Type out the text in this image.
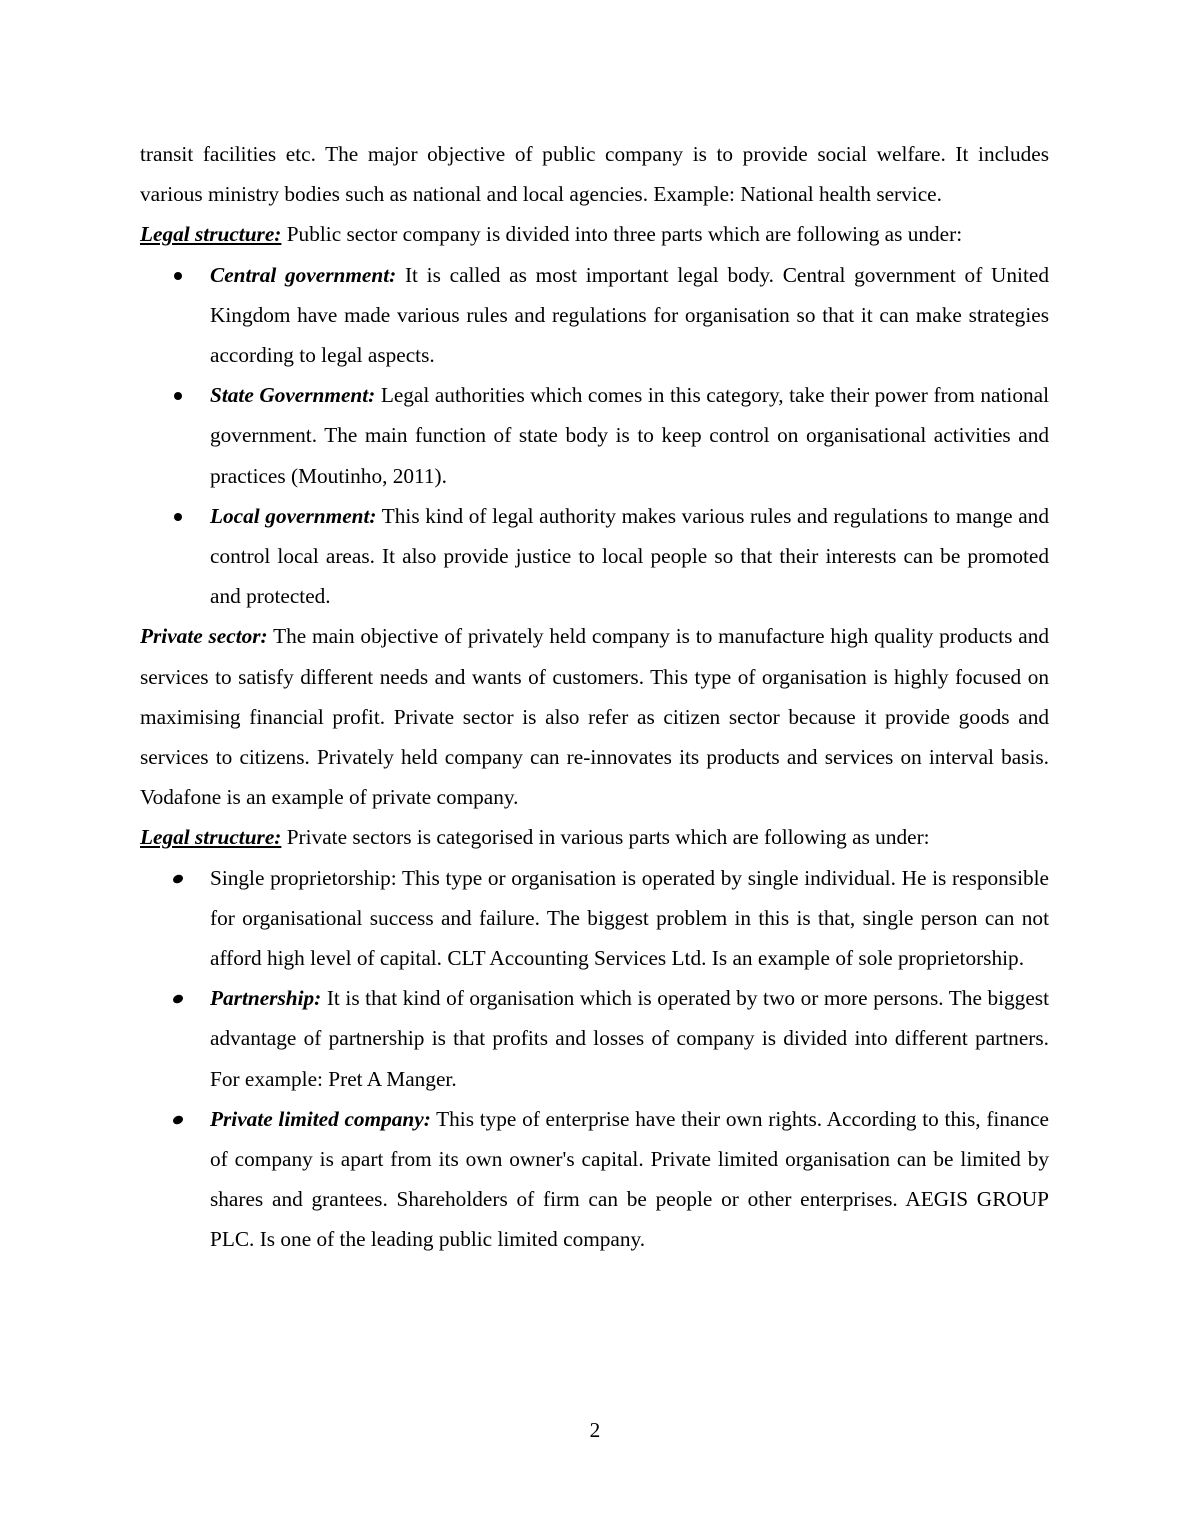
transit facilities etc. The major objective of public company is to provide social welfare. It includes various ministry bodies such as national and local agencies. Example: National health service.

Legal structure: Public sector company is divided into three parts which are following as under:

Central government: It is called as most important legal body. Central government of United Kingdom have made various rules and regulations for organisation so that it can make strategies according to legal aspects.
State Government: Legal authorities which comes in this category, take their power from national government. The main function of state body is to keep control on organisational activities and practices (Moutinho, 2011).
Local government: This kind of legal authority makes various rules and regulations to mange and control local areas. It also provide justice to local people so that their interests can be promoted and protected.

Private sector: The main objective of privately held company is to manufacture high quality products and services to satisfy different needs and wants of customers. This type of organisation is highly focused on maximising financial profit. Private sector is also refer as citizen sector because it provide goods and services to citizens. Privately held company can re-innovates its products and services on interval basis. Vodafone is an example of private company.

Legal structure: Private sectors is categorised in various parts which are following as under:

Single proprietorship: This type or organisation is operated by single individual. He is responsible for organisational success and failure. The biggest problem in this is that, single person can not afford high level of capital. CLT Accounting Services Ltd. Is an example of sole proprietorship.
Partnership: It is that kind of organisation which is operated by two or more persons. The biggest advantage of partnership is that profits and losses of company is divided into different partners. For example: Pret A Manger.
Private limited company: This type of enterprise have their own rights. According to this, finance of company is apart from its own owner's capital. Private limited organisation can be limited by shares and grantees. Shareholders of firm can be people or other enterprises. AEGIS GROUP PLC. Is one of the leading public limited company.
2
